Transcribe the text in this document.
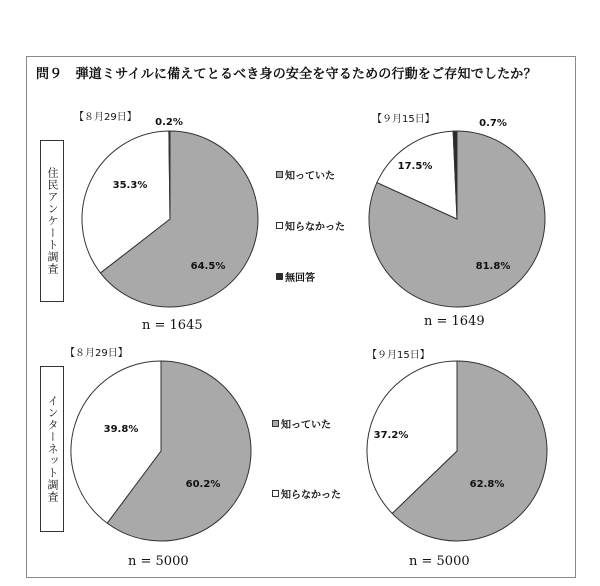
問９　弾道ミサイルに備えてとるべき身の安全を守るための行動をご存知でしたか？
住民アンケート調査
インターネット調査
【８月29日】	【９月15日】
【８月29日】	【９月15日】
n = 1645	n = 1649
n = 5000	n = 5000
知っていた
知らなかった
無回答
知っていた
知らなかった
64.5%
35.3%
0.2%
81.8%
17.5%
0.7%
60.2%
39.8%
62.8%
37.2%
